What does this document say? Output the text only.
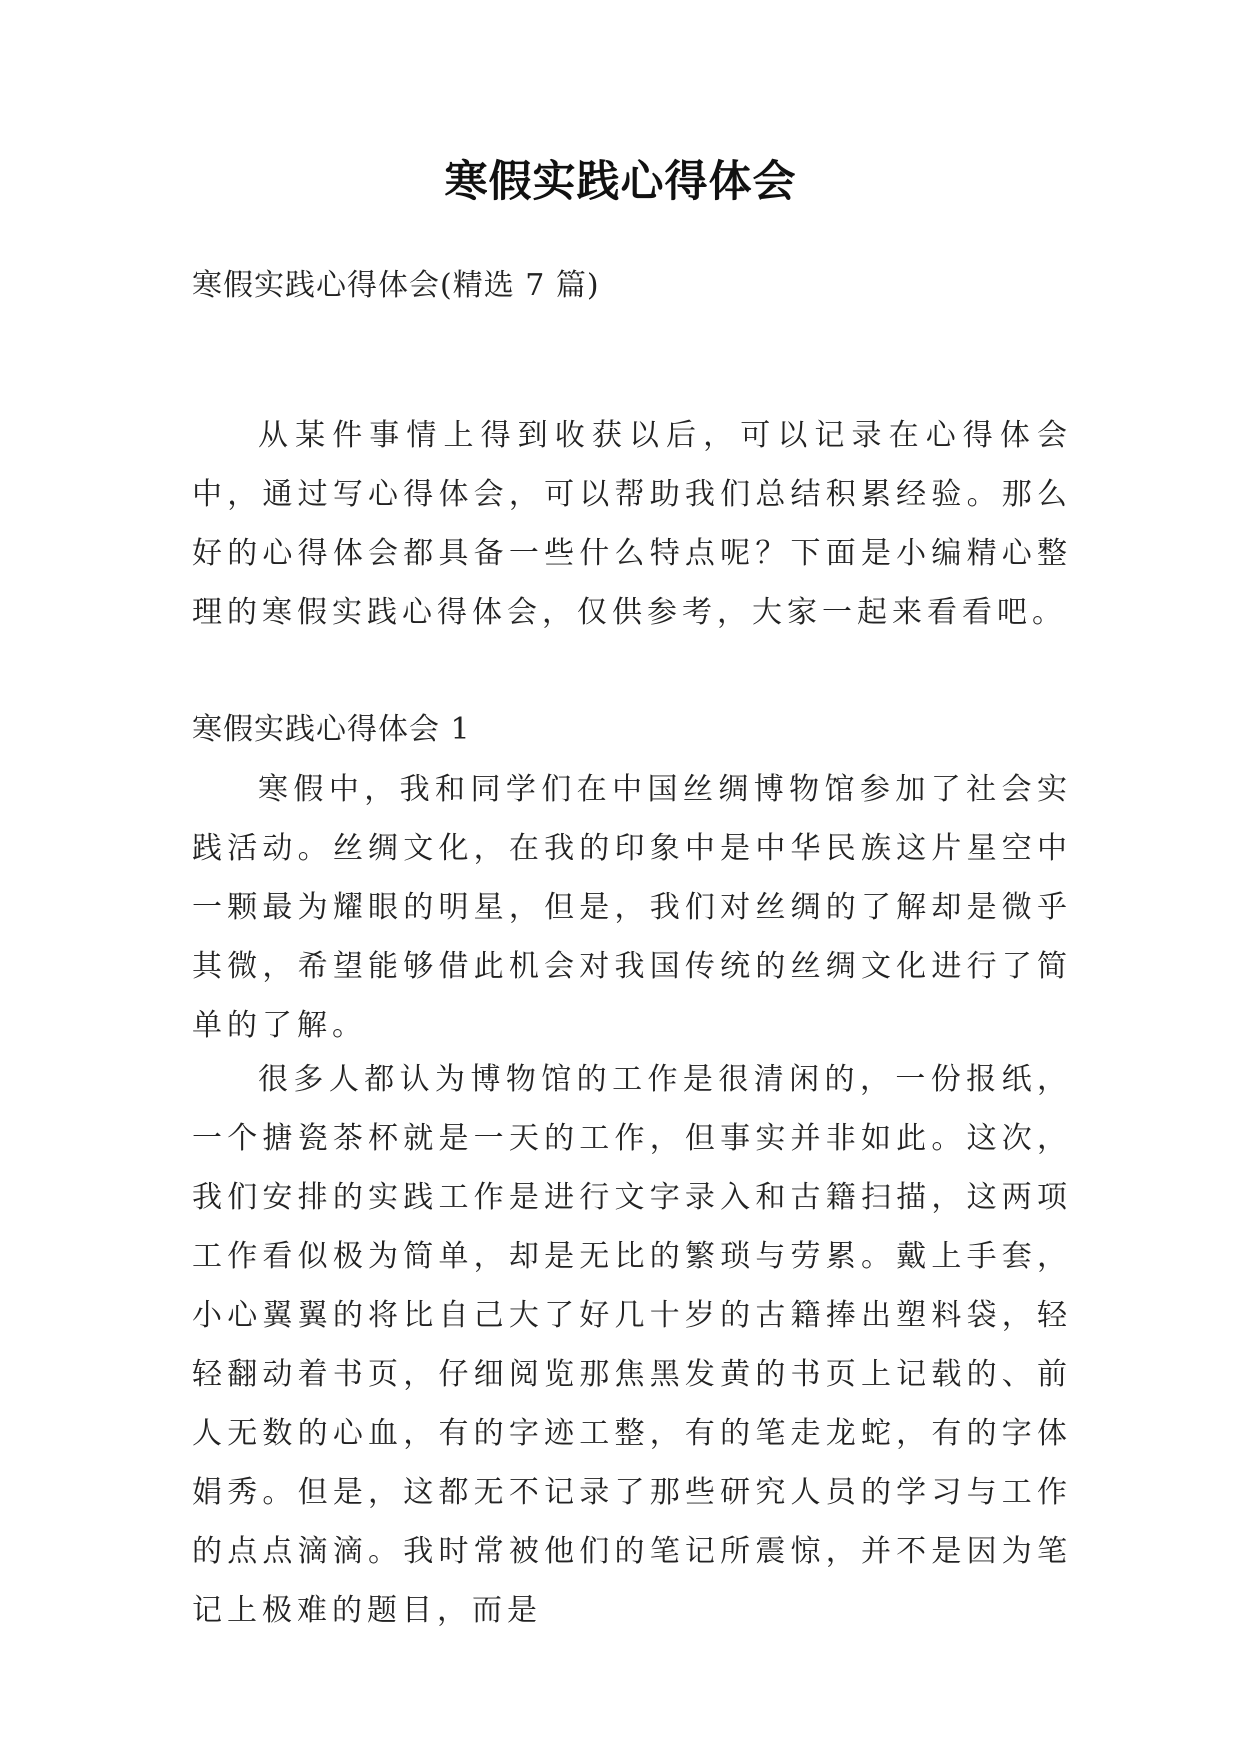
寒假实践心得体会
寒假实践心得体会(精选 7 篇)

从某件事情上得到收获以后，可以记录在心得体会中，通过写心得体会，可以帮助我们总结积累经验。那么好的心得体会都具备一些什么特点呢？下面是小编精心整理的寒假实践心得体会，仅供参考，大家一起来看看吧。

寒假实践心得体会 1

寒假中，我和同学们在中国丝绸博物馆参加了社会实践活动。丝绸文化，在我的印象中是中华民族这片星空中一颗最为耀眼的明星，但是，我们对丝绸的了解却是微乎其微，希望能够借此机会对我国传统的丝绸文化进行了简单的了解。

很多人都认为博物馆的工作是很清闲的，一份报纸，一个搪瓷茶杯就是一天的工作，但事实并非如此。这次，我们安排的实践工作是进行文字录入和古籍扫描，这两项工作看似极为简单，却是无比的繁琐与劳累。戴上手套，小心翼翼的将比自己大了好几十岁的古籍捧出塑料袋，轻轻翻动着书页，仔细阅览那焦黑发黄的书页上记载的、前人无数的心血，有的字迹工整，有的笔走龙蛇，有的字体娟秀。但是，这都无不记录了那些研究人员的学习与工作的点点滴滴。我时常被他们的笔记所震惊，并不是因为笔记上极难的题目，而是
